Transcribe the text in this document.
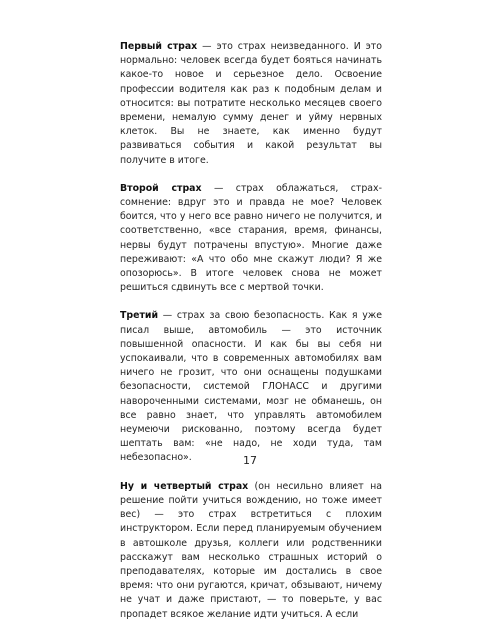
Первый страх — это страх неизведанного. И это нормально: человек всегда будет бояться начинать какое-то новое и серьезное дело. Освоение профессии водителя как раз к подобным делам и относится: вы потратите несколько месяцев своего времени, немалую сумму денег и уйму нервных клеток. Вы не знаете, как именно будут развиваться события и какой результат вы получите в итоге.

Второй страх — страх облажаться, страх-сомнение: вдруг это и правда не мое? Человек боится, что у него все равно ничего не получится, и соответственно, «все старания, время, финансы, нервы будут потрачены впустую». Многие даже переживают: «А что обо мне скажут люди? Я же опозорюсь». В итоге человек снова не может решиться сдвинуть все с мертвой точки.

Третий — страх за свою безопасность. Как я уже писал выше, автомобиль — это источник повышенной опасности. И как бы вы себя ни успокаивали, что в современных автомобилях вам ничего не грозит, что они оснащены подушками безопасности, системой ГЛОНАСС и другими навороченными системами, мозг не обманешь, он все равно знает, что управлять автомобилем неумеючи рискованно, поэтому всегда будет шептать вам: «не надо, не ходи туда, там небезопасно».

Ну и четвертый страх (он несильно влияет на решение пойти учиться вождению, но тоже имеет вес) — это страх встретиться с плохим инструктором. Если перед планируемым обучением в автошколе друзья, коллеги или родственники расскажут вам несколько страшных историй о преподавателях, которые им достались в свое время: что они ругаются, кричат, обзывают, ничему не учат и даже пристают, — то поверьте, у вас пропадет всякое желание идти учиться. А если

17
